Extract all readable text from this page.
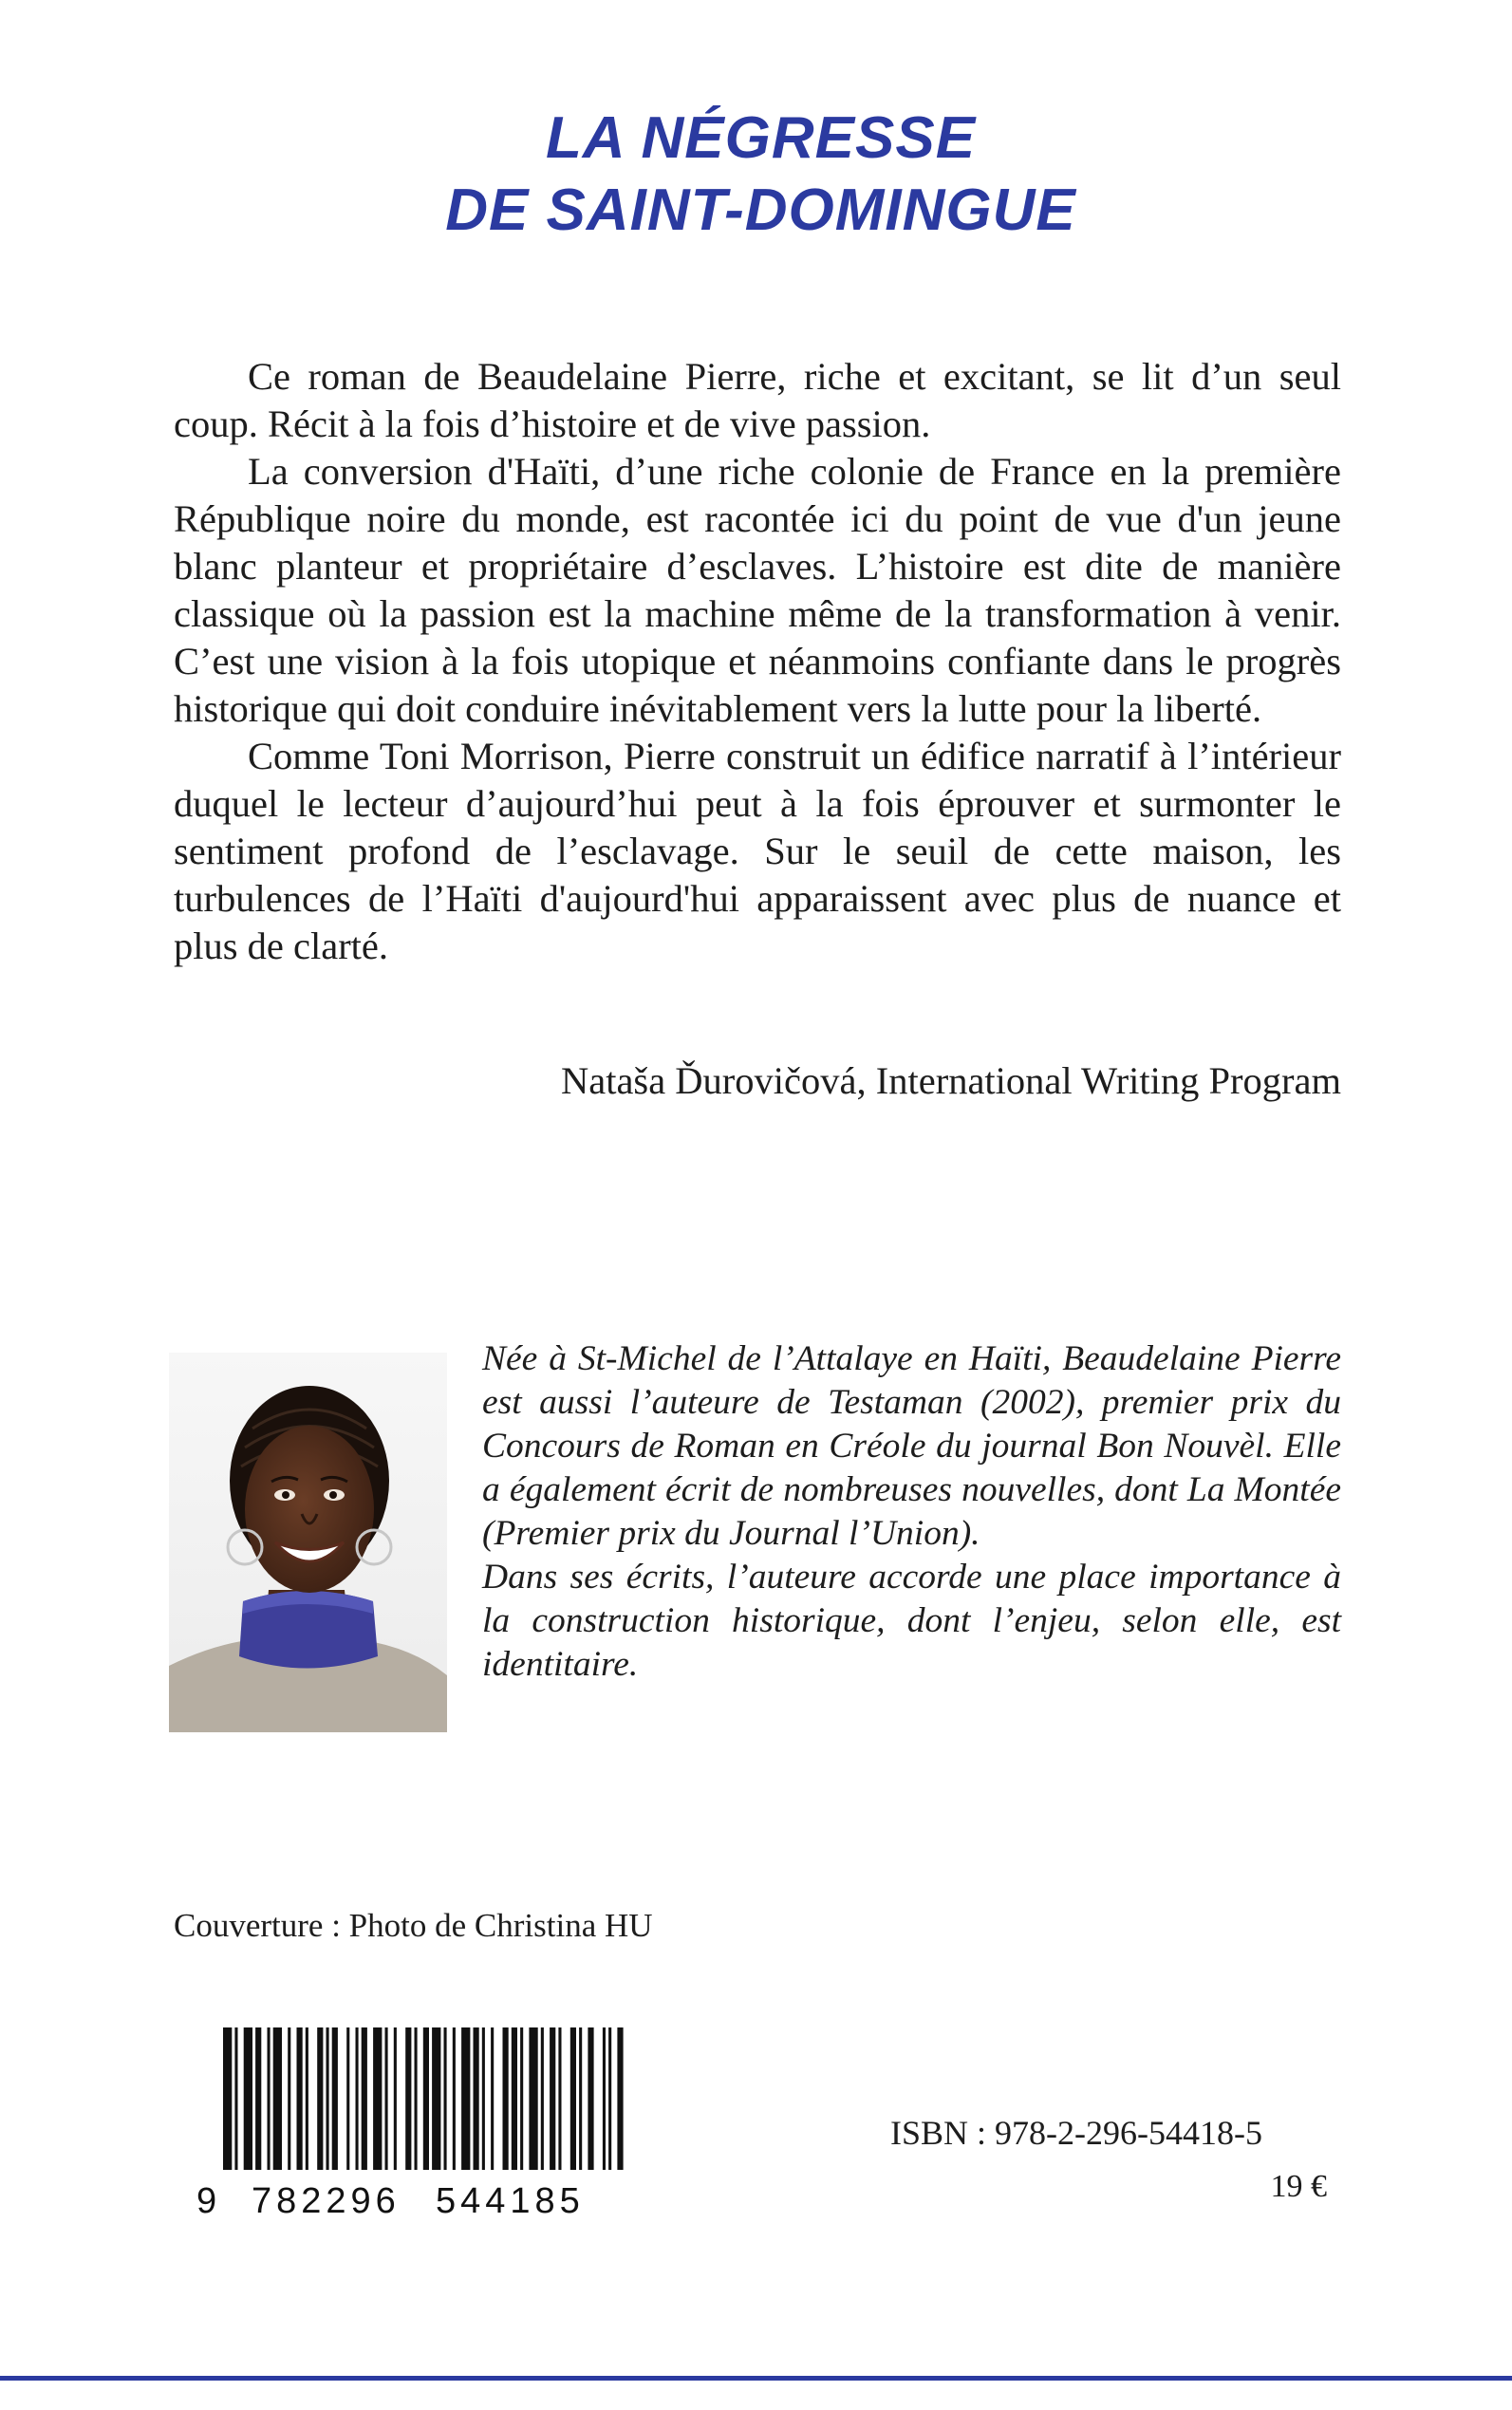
LA NÉGRESSE
DE SAINT-DOMINGUE

Ce roman de Beaudelaine Pierre, riche et excitant, se lit d’un seul coup. Récit à la fois d’histoire et de vive passion.

La conversion d'Haïti, d’une riche colonie de France en la première République noire du monde, est racontée ici du point de vue d'un jeune blanc planteur et propriétaire d’esclaves. L’histoire est dite de manière classique où la passion est la machine même de la transformation à venir. C’est une vision à la fois utopique et néanmoins confiante dans le progrès historique qui doit conduire inévitablement vers la lutte pour la liberté.

Comme Toni Morrison, Pierre construit un édifice narratif à l’intérieur duquel le lecteur d’aujourd’hui peut à la fois éprouver et surmonter le sentiment profond de l’esclavage. Sur le seuil de cette maison, les turbulences de l’Haïti d'aujourd'hui apparaissent avec plus de nuance et plus de clarté.

Nataša Ďurovičová, International Writing Program

Née à St-Michel de l’Attalaye en Haïti, Beaudelaine Pierre est aussi l’auteure de Testaman (2002), premier prix du Concours de Roman en Créole du journal Bon Nouvèl. Elle a également écrit de nombreuses nouvelles, dont La Montée (Premier prix du Journal l’Union).

Dans ses écrits, l’auteure accorde une place importance à la construction historique, dont l’enjeu, selon elle, est identitaire.

Couverture : Photo de Christina HU
9 782296 544185
ISBN : 978-2-296-54418-5
19 €
